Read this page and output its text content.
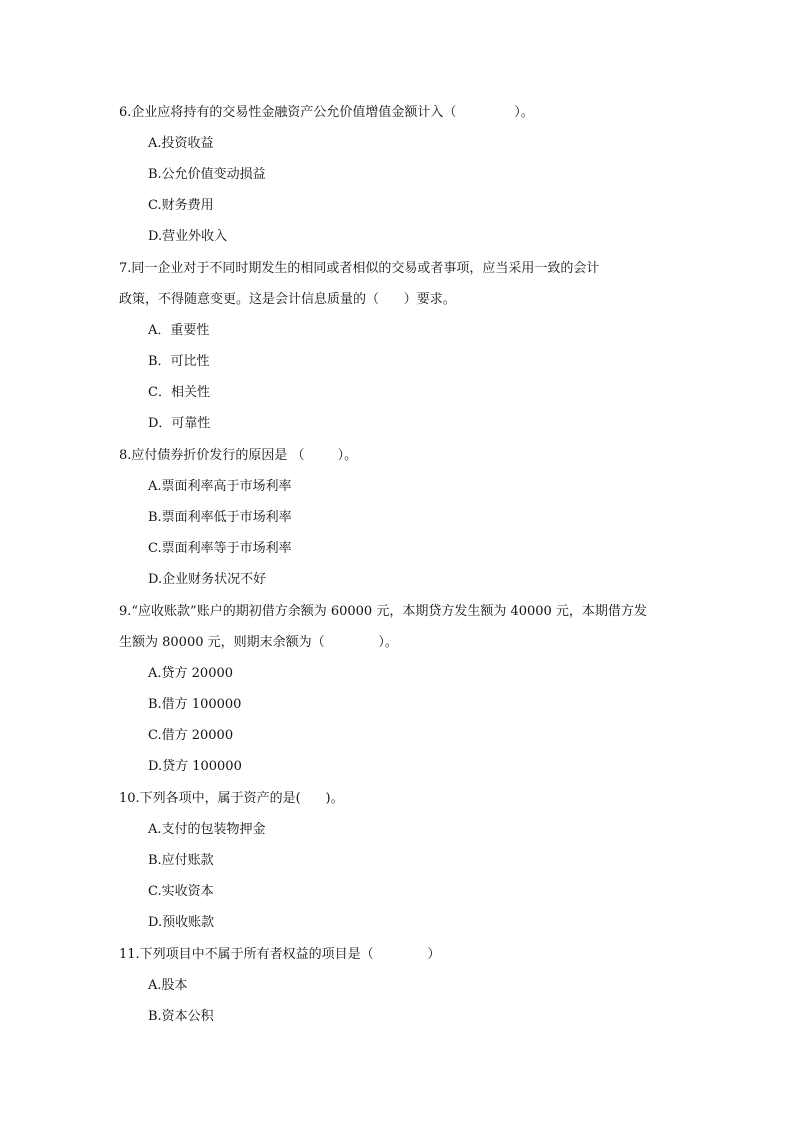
6.企业应将持有的交易性金融资产公允价值增值金额计入（              ）。
A.投资收益
B.公允价值变动损益
C.财务费用
D.营业外收入
7.同一企业对于不同时期发生的相同或者相似的交易或者事项，应当采用一致的会计
政策，不得随意变更。这是会计信息质量的（      ）要求。
A．重要性
B．可比性
C．相关性
D．可靠性
8.应付债券折价发行的原因是 （        ）。
A.票面利率高于市场利率
B.票面利率低于市场利率
C.票面利率等于市场利率
D.企业财务状况不好
9.“应收账款”账户的期初借方余额为 60000 元，本期贷方发生额为 40000 元，本期借方发
生额为 80000 元，则期末余额为（             ）。
A.贷方 20000
B.借方 100000
C.借方 20000
D.贷方 100000
10.下列各项中，属于资产的是(      )。
A.支付的包装物押金
B.应付账款
C.实收资本
D.预收账款
11.下列项目中不属于所有者权益的项目是（             ）
A.股本
B.资本公积
